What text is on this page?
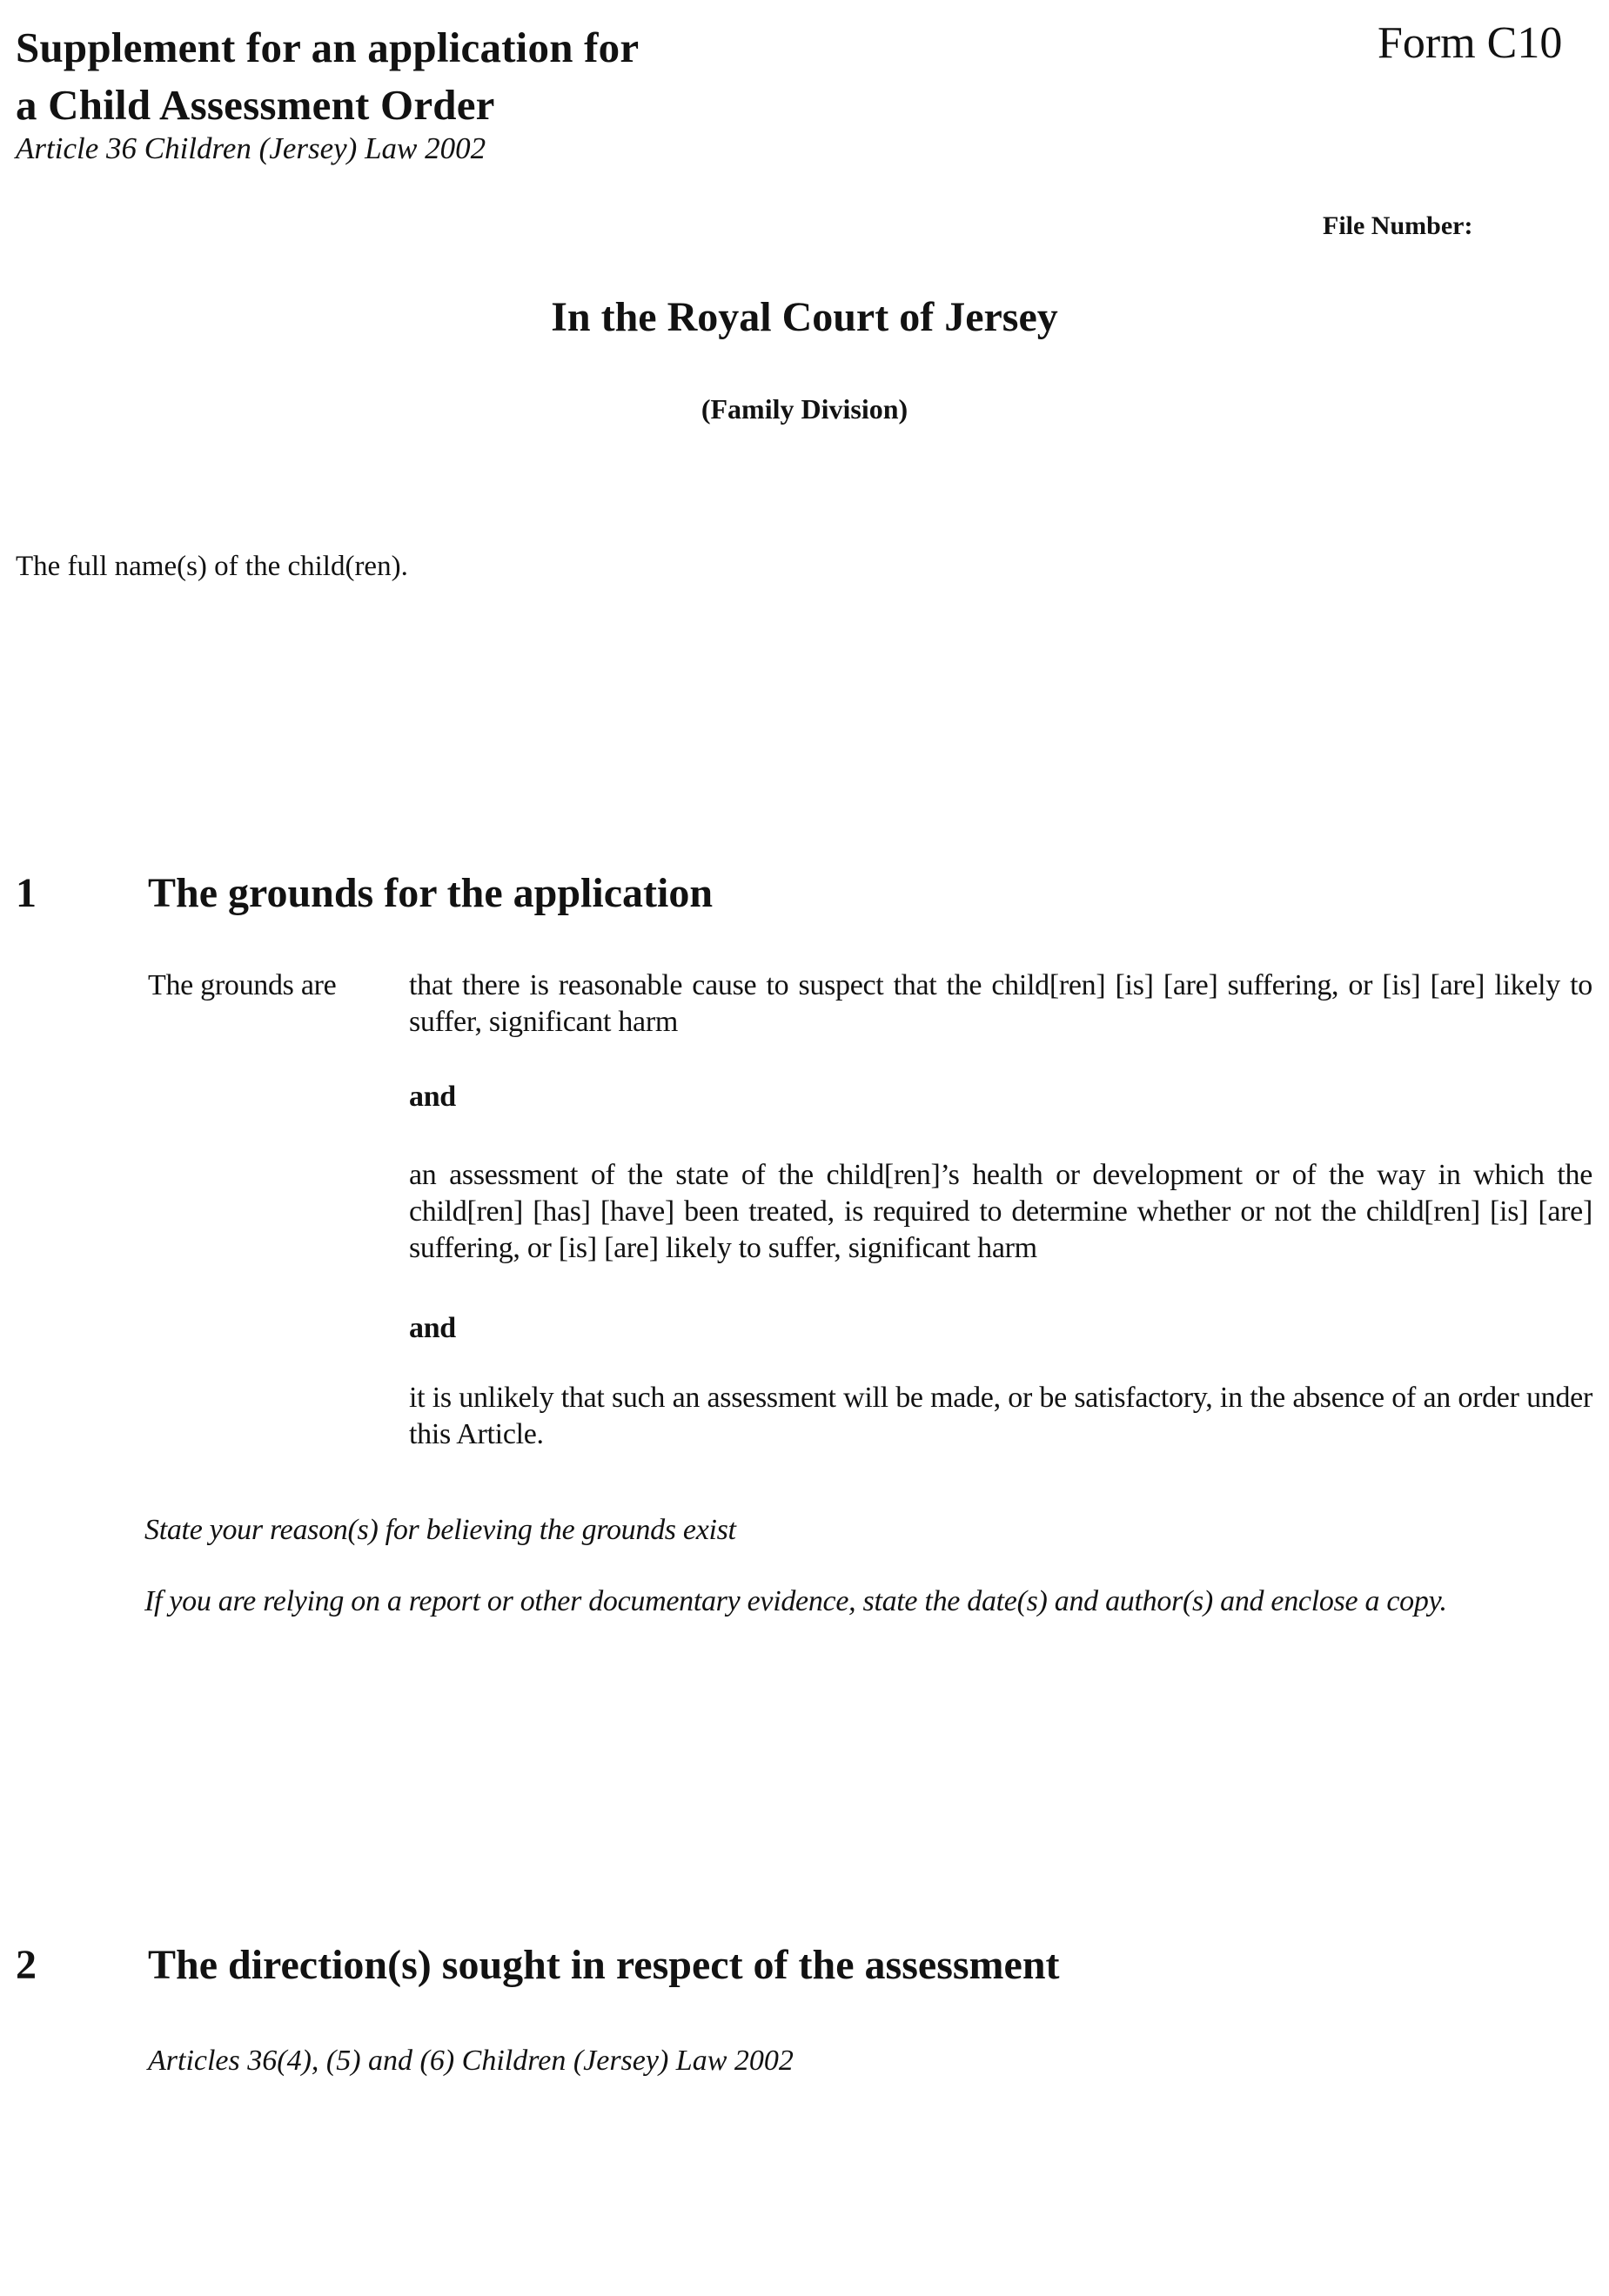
Supplement for an application for
a Child Assessment Order
Article 36 Children (Jersey) Law 2002
Form C10
File Number:
In the Royal Court of Jersey
(Family Division)
The full name(s) of the child(ren).
1	The grounds for the application
The grounds are that there is reasonable cause to suspect that the child[ren] [is] [are] suffering, or [is] [are] likely to suffer, significant harm
and
an assessment of the state of the child[ren]’s health or development or of the way in which the child[ren] [has] [have] been treated, is required to determine whether or not the child[ren] [is] [are] suffering, or [is] [are] likely to suffer, significant harm
and
it is unlikely that such an assessment will be made, or be satisfactory, in the absence of an order under this Article.
State your reason(s) for believing the grounds exist
If you are relying on a report or other documentary evidence, state the date(s) and author(s) and enclose a copy.
2	The direction(s) sought in respect of the assessment
Articles 36(4), (5) and (6) Children (Jersey) Law 2002
